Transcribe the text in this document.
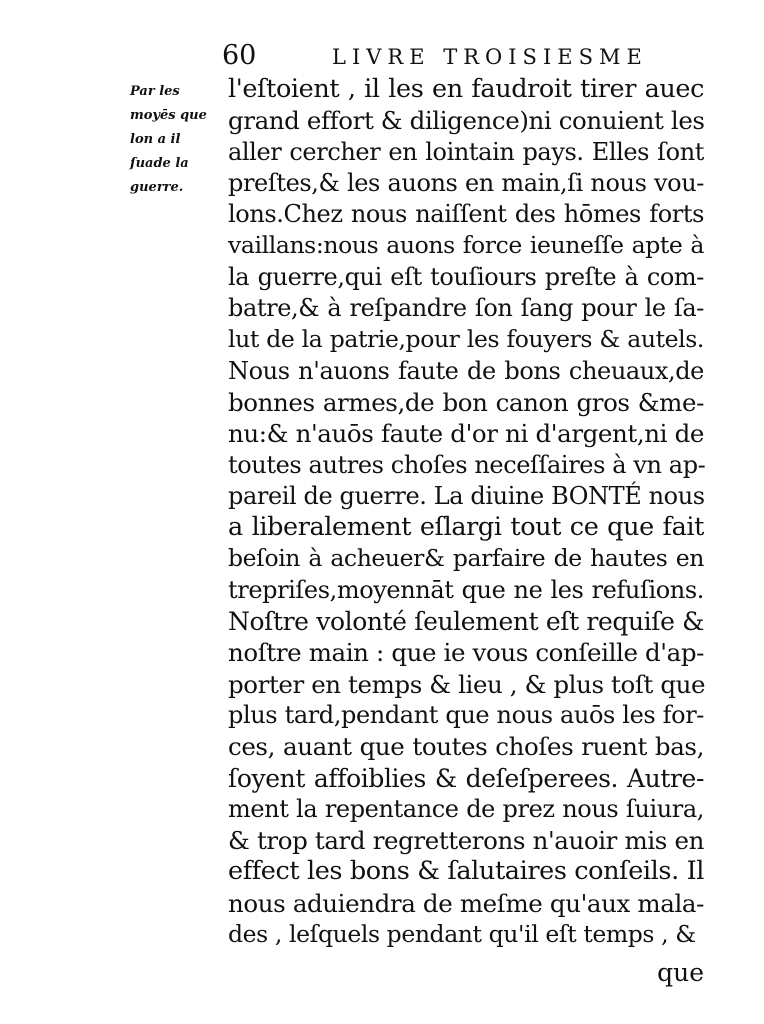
60	LIVRE TROISIESME
Par les
moyēs que
lon a il
ſuade la
guerre.
l'eſtoient , il les en faudroit tirer auec
grand effort & diligence)ni conuient les
aller cercher en lointain pays. Elles ſont
preſtes,& les auons en main,ſi nous vou-
lons.Chez nous naiſſent des hōmes forts
vaillans:nous auons force ieuneſſe apte à
la guerre,qui eſt touſiours preſte à com-
batre,& à reſpandre ſon ſang pour le ſa-
lut de la patrie,pour les fouyers & autels.
Nous n'auons faute de bons cheuaux,de
bonnes armes,de bon canon gros &me-
nu:& n'auōs faute d'or ni d'argent,ni de
toutes autres choſes neceſſaires à vn ap-
pareil de guerre. La diuine BONTÉ nous
a liberalement eſlargi tout ce que fait
beſoin à acheuer& parfaire de hautes en
trepriſes,moyennāt que ne les refuſions.
Noſtre volonté ſeulement eſt requiſe &
noſtre main : que ie vous conſeille d'ap-
porter en temps & lieu , & plus toſt que
plus tard,pendant que nous auōs les for-
ces, auant que toutes choſes ruent bas,
ſoyent affoiblies & deſeſperees. Autre-
ment la repentance de prez nous ſuiura,
& trop tard regretterons n'auoir mis en
effect les bons & ſalutaires conſeils. Il
nous aduiendra de meſme qu'aux mala-
des , leſquels pendant qu'il eſt temps , &
que
